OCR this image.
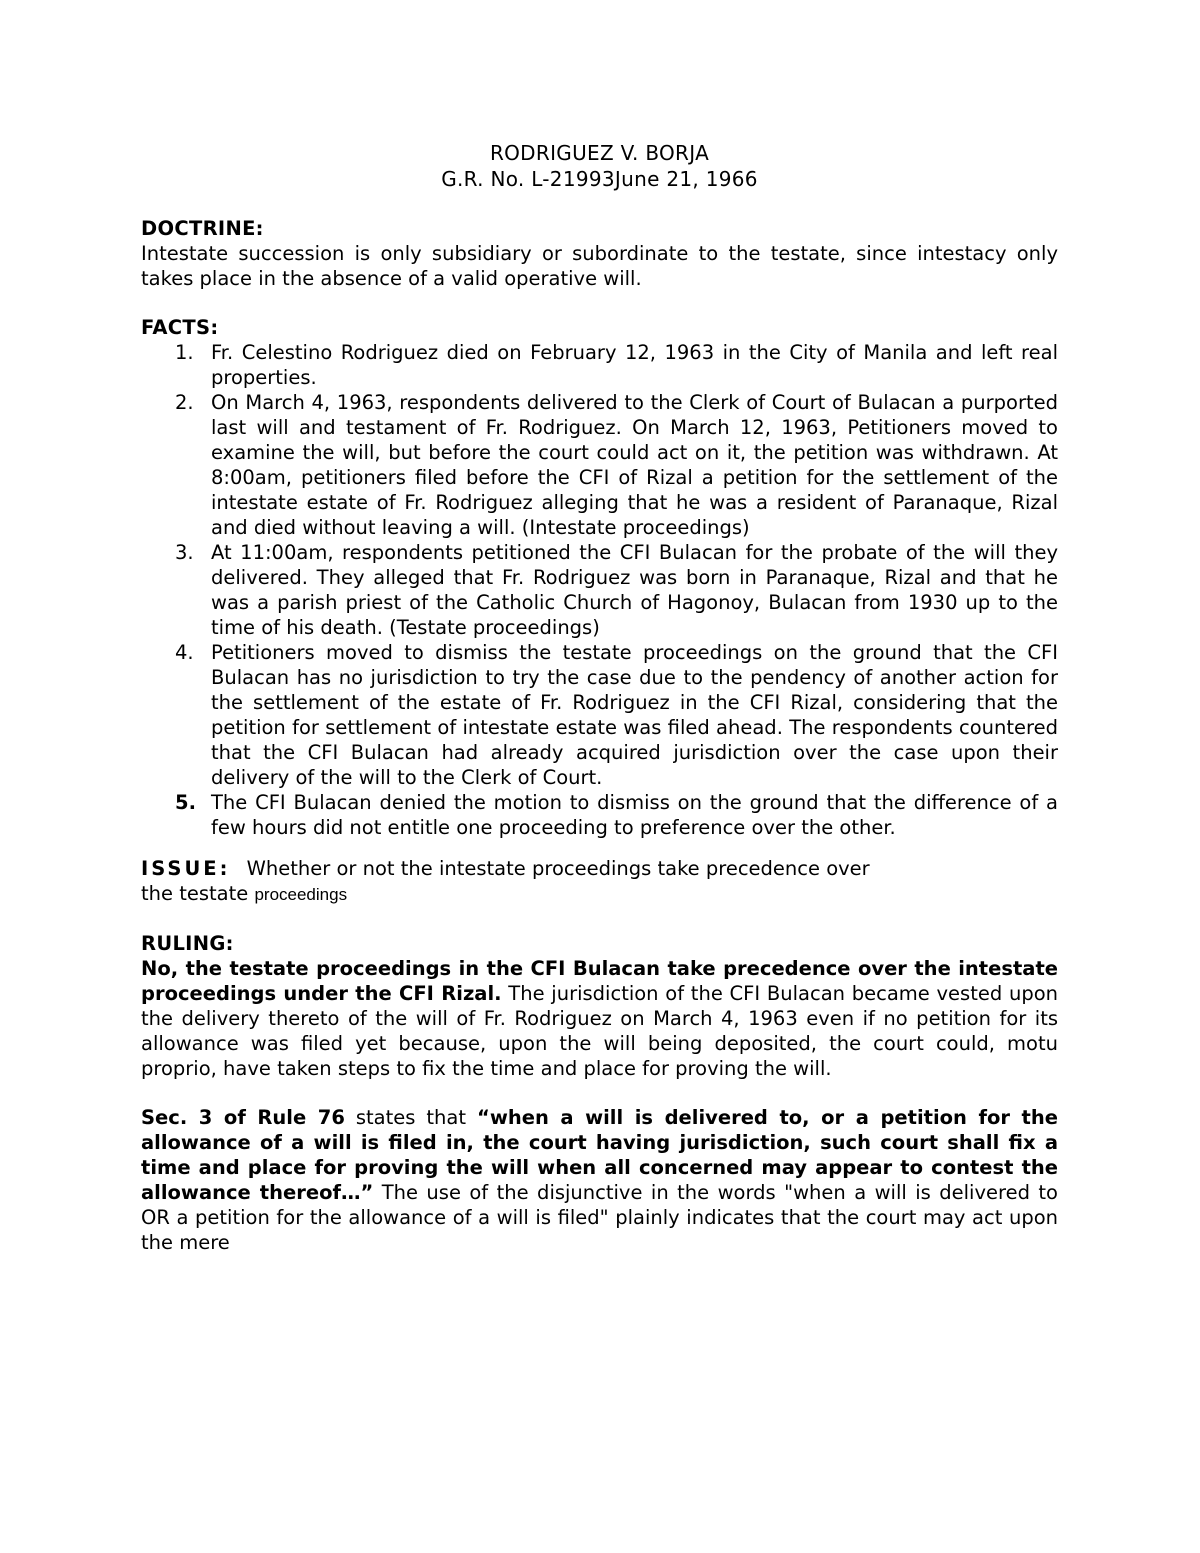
RODRIGUEZ V. BORJA
G.R. No. L-21993June 21, 1966
DOCTRINE:
Intestate succession is only subsidiary or subordinate to the testate, since intestacy only takes place in the absence of a valid operative will.
FACTS:
1. Fr. Celestino Rodriguez died on February 12, 1963 in the City of Manila and left real properties.
2. On March 4, 1963, respondents delivered to the Clerk of Court of Bulacan a purported last will and testament of Fr. Rodriguez. On March 12, 1963, Petitioners moved to examine the will, but before the court could act on it, the petition was withdrawn. At 8:00am, petitioners filed before the CFI of Rizal a petition for the settlement of the intestate estate of Fr. Rodriguez alleging that he was a resident of Paranaque, Rizal and died without leaving a will. (Intestate proceedings)
3. At 11:00am, respondents petitioned the CFI Bulacan for the probate of the will they delivered. They alleged that Fr. Rodriguez was born in Paranaque, Rizal and that he was a parish priest of the Catholic Church of Hagonoy, Bulacan from 1930 up to the time of his death. (Testate proceedings)
4. Petitioners moved to dismiss the testate proceedings on the ground that the CFI Bulacan has no jurisdiction to try the case due to the pendency of another action for the settlement of the estate of Fr. Rodriguez in the CFI Rizal, considering that the petition for settlement of intestate estate was filed ahead. The respondents countered that the CFI Bulacan had already acquired jurisdiction over the case upon their delivery of the will to the Clerk of Court.
5. The CFI Bulacan denied the motion to dismiss on the ground that the difference of a few hours did not entitle one proceeding to preference over the other.
ISSUE: Whether or not the intestate proceedings take precedence over
the testate proceedings
RULING:
No, the testate proceedings in the CFI Bulacan take precedence over the intestate proceedings under the CFI Rizal. The jurisdiction of the CFI Bulacan became vested upon the delivery thereto of the will of Fr. Rodriguez on March 4, 1963 even if no petition for its allowance was filed yet because, upon the will being deposited, the court could, motu proprio, have taken steps to fix the time and place for proving the will.
Sec. 3 of Rule 76 states that “when a will is delivered to, or a petition for the allowance of a will is filed in, the court having jurisdiction, such court shall fix a time and place for proving the will when all concerned may appear to contest the allowance thereof…” The use of the disjunctive in the words "when a will is delivered to OR a petition for the allowance of a will is filed" plainly indicates that the court may act upon the mere
